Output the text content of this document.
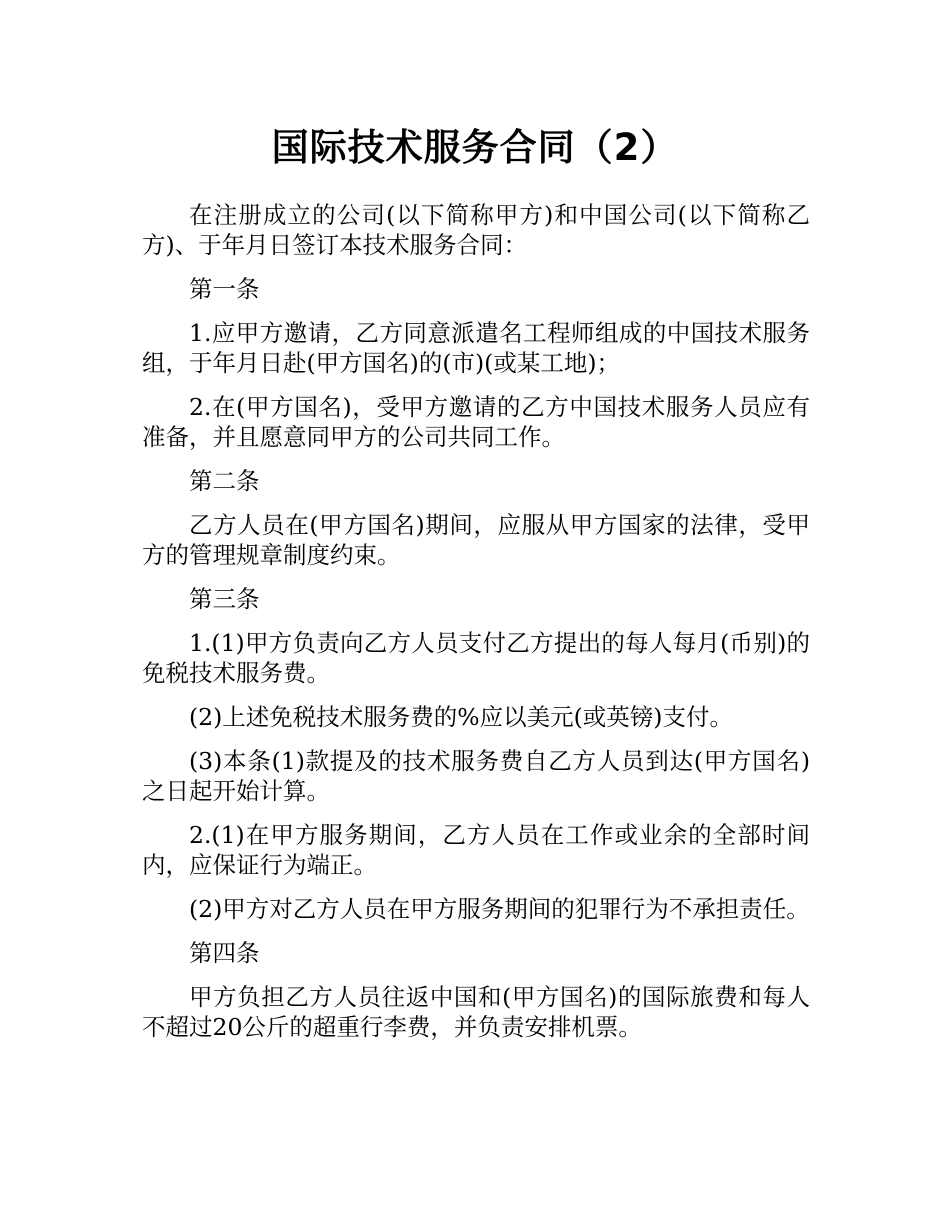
国际技术服务合同（2）

在注册成立的公司(以下简称甲方)和中国公司(以下简称乙方)、于年月日签订本技术服务合同：

第一条

1.应甲方邀请，乙方同意派遣名工程师组成的中国技术服务组，于年月日赴(甲方国名)的(市)(或某工地)；

2.在(甲方国名)，受甲方邀请的乙方中国技术服务人员应有准备，并且愿意同甲方的公司共同工作。

第二条

乙方人员在(甲方国名)期间，应服从甲方国家的法律，受甲方的管理规章制度约束。

第三条

1.(1)甲方负责向乙方人员支付乙方提出的每人每月(币别)的免税技术服务费。

(2)上述免税技术服务费的%应以美元(或英镑)支付。

(3)本条(1)款提及的技术服务费自乙方人员到达(甲方国名)之日起开始计算。

2.(1)在甲方服务期间，乙方人员在工作或业余的全部时间内，应保证行为端正。

(2)甲方对乙方人员在甲方服务期间的犯罪行为不承担责任。

第四条

甲方负担乙方人员往返中国和(甲方国名)的国际旅费和每人不超过20公斤的超重行李费，并负责安排机票。
